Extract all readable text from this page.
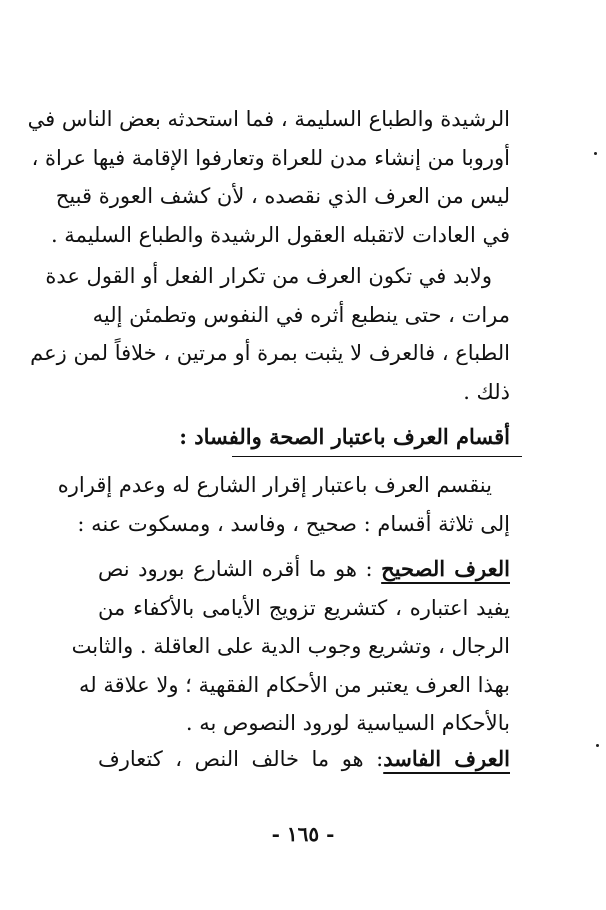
الرشيدة والطباع السليمة ، فما استحدثه بعض الناس في
أوروبا من إنشاء مدن للعراة وتعارفوا الإقامة فيها عراة ،
ليس من العرف الذي نقصده ، لأن كشف العورة قبيح
في العادات لاتقبله العقول الرشيدة والطباع السليمة .
ولابد في تكون العرف من تكرار الفعل أو القول عدة
مرات ، حتى ينطبع أثره في النفوس وتطمئن إليه
الطباع ، فالعرف لا يثبت بمرة أو مرتين ، خلافاً لمن زعم
ذلك .
أقسام العرف باعتبار الصحة والفساد :
ينقسم العرف باعتبار إقرار الشارع له وعدم إقراره
إلى ثلاثة أقسام : صحيح ، وفاسد ، ومسكوت عنه :
العرف الصحيح : هو ما أقره الشارع بورود نص
يفيد اعتباره ، كتشريع تزويج الأيامى بالأكفاء من
الرجال ، وتشريع وجوب الدية على العاقلة . والثابت
بهذا العرف يعتبر من الأحكام الفقهية ؛ ولا علاقة له
بالأحكام السياسية لورود النصوص به .
العرف الفاسد: هو ما خالف النص ، كتعارف
- ١٦٥ -
